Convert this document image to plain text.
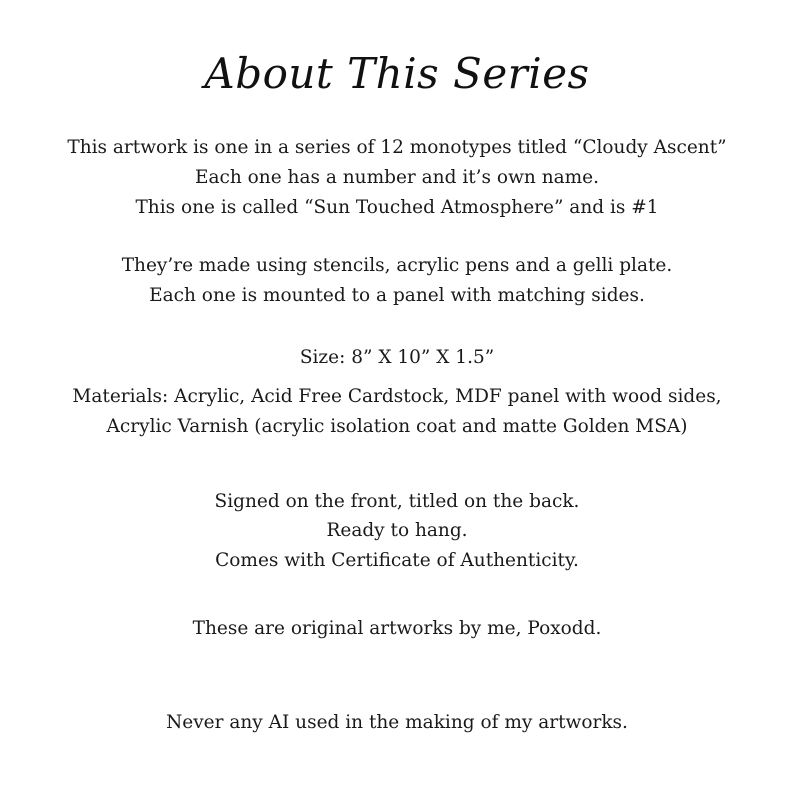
About This Series
This artwork is one in a series of 12 monotypes titled “Cloudy Ascent”
Each one has a number and it’s own name.
This one is called “Sun Touched Atmosphere” and is #1
They’re made using stencils, acrylic pens and a gelli plate.
Each one is mounted to a panel with matching sides.
Size: 8” X 10” X 1.5”
Materials: Acrylic, Acid Free Cardstock, MDF panel with wood sides,
Acrylic Varnish (acrylic isolation coat and matte Golden MSA)
Signed on the front, titled on the back.
Ready to hang.
Comes with Certificate of Authenticity.
These are original artworks by me, Poxodd.
Never any AI used in the making of my artworks.
